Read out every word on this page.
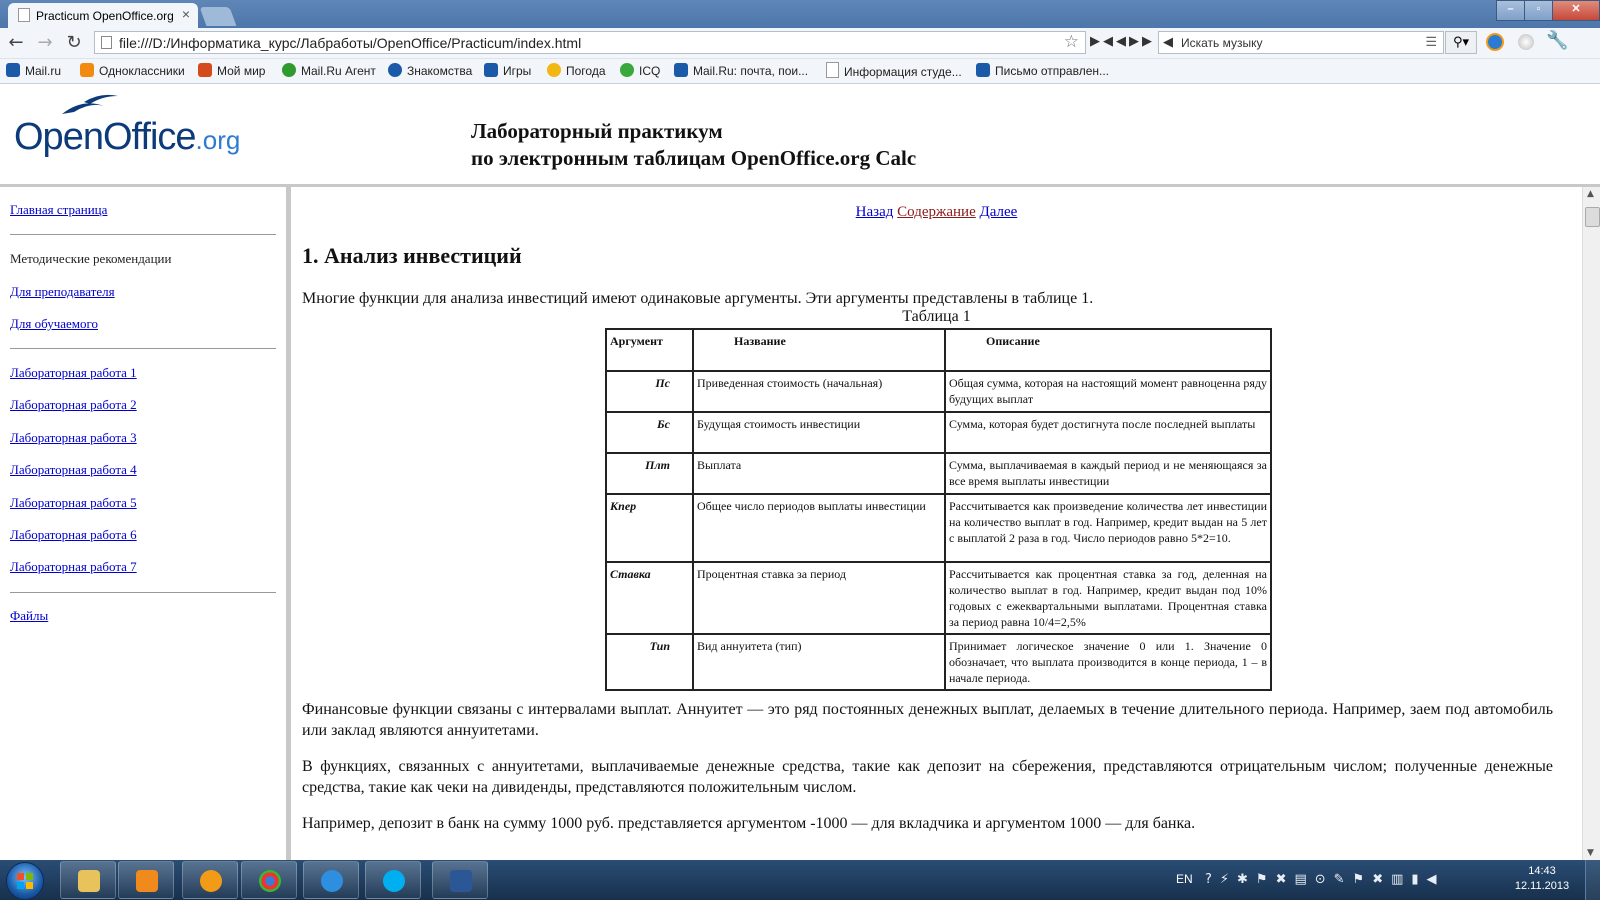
Practicum OpenOffice.org ×	–	▫	✕
← → ↻	file:///D:/Информатика_курс/Лабработы/OpenOffice/Practicum/index.html	☆ ▶◀◀▶▶ ◀ Искать музыку	☰	⚲▾	🔧
Mail.ru	Одноклассники	Мой мир	Mail.Ru Агент	Знакомства	Игры	Погода	ICQ	Mail.Ru: почта, пои...	Информация студе...	Письмо отправлен...
OpenOffice.org	Лабораторный практикум
по электронным таблицам OpenOffice.org Calc
Главная страница
Методические рекомендации
Для преподавателя
Для обучаемого
Лабораторная работа 1
Лабораторная работа 2
Лабораторная работа 3
Лабораторная работа 4
Лабораторная работа 5
Лабораторная работа 6
Лабораторная работа 7
Файлы
Назад Содержание Далее
1. Анализ инвестиций
Многие функции для анализа инвестиций имеют одинаковые аргументы. Эти аргументы представлены в таблице 1.
Таблица 1
Аргумент	Название	Описание
Пс	Приведенная стоимость (начальная)	Общая сумма, которая на настоящий момент равноценна ряду будущих выплат
Бс	Будущая стоимость инвестиции	Сумма, которая будет достигнута после последней выплаты
Плт	Выплата	Сумма, выплачиваемая в каждый период и не меняющаяся за все время выплаты инвестиции
Кпер	Общее число периодов выплаты инвестиции	Рассчитывается как произведение количества лет инвестиции на количество выплат в год. Например, кредит выдан на 5 лет с выплатой 2 раза в год. Число периодов равно 5*2=10.
Ставка	Процентная ставка за период	Рассчитывается как процентная ставка за год, деленная на количество выплат в год. Например, кредит выдан под 10% годовых с ежеквартальными выплатами. Процентная ставка за период равна 10/4=2,5%
Тип	Вид аннуитета (тип)	Принимает логическое значение 0 или 1. Значение 0 обозначает, что выплата производится в конце периода, 1 – в начале периода.
Финансовые функции связаны с интервалами выплат. Аннуитет — это ряд постоянных денежных выплат, делаемых в течение длительного периода. Например, заем под автомобиль или заклад являются аннуитетами.
В функциях, связанных с аннуитетами, выплачиваемые денежные средства, такие как депозит на сбережения, представляются отрицательным числом; полученные денежные средства, такие как чеки на дивиденды, представляются положительным числом.
Например, депозит в банк на сумму 1000 руб. представляется аргументом -1000 — для вкладчика и аргументом 1000 — для банка.
▲
▼
EN ?⚡✱⚑✖▤⊙✎⚑✖▥▮◀
14:43
12.11.2013
